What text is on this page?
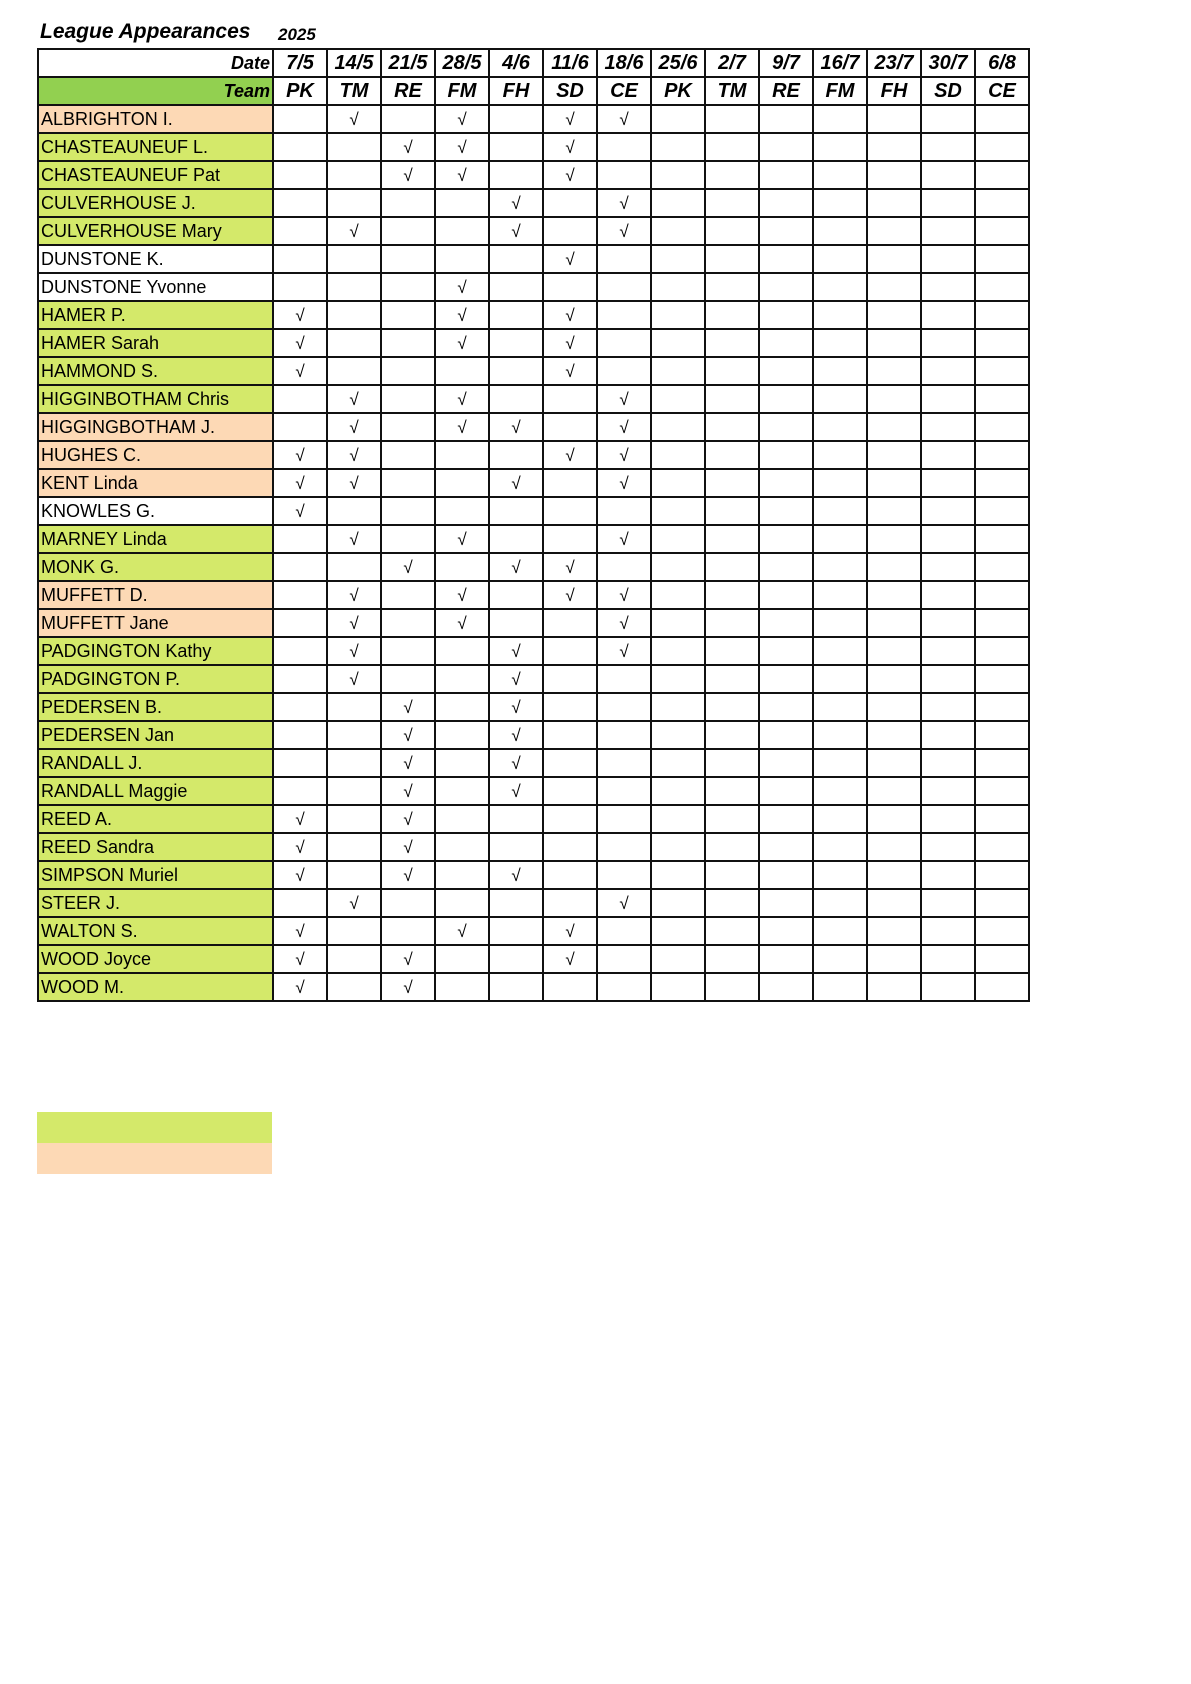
League Appearances 2025
Date	7/5	14/5	21/5	28/5	4/6	11/6	18/6	25/6	2/7	9/7	16/7	23/7	30/7	6/8
Team	PK	TM	RE	FM	FH	SD	CE	PK	TM	RE	FM	FH	SD	CE
ALBRIGHTON I.		√		√		√	√							
CHASTEAUNEUF L.			√	√		√								
CHASTEAUNEUF Pat			√	√		√								
CULVERHOUSE J.					√		√							
CULVERHOUSE Mary		√			√		√							
DUNSTONE K.						√								
DUNSTONE Yvonne				√										
HAMER P.	√			√		√								
HAMER Sarah	√			√		√								
HAMMOND S.	√					√								
HIGGINBOTHAM Chris		√		√			√							
HIGGINGBOTHAM J.		√		√	√		√							
HUGHES C.	√	√				√	√							
KENT Linda	√	√			√		√							
KNOWLES G.	√													
MARNEY Linda		√		√			√							
MONK G.			√		√	√								
MUFFETT D.		√		√		√	√							
MUFFETT Jane		√		√			√							
PADGINGTON Kathy		√			√		√							
PADGINGTON P.		√			√									
PEDERSEN B.			√		√									
PEDERSEN Jan			√		√									
RANDALL J.			√		√									
RANDALL Maggie			√		√									
REED A.	√		√											
REED Sandra	√		√											
SIMPSON Muriel	√		√		√									
STEER J.		√					√							
WALTON S.	√			√		√								
WOOD Joyce	√		√			√								
WOOD M.	√		√											
